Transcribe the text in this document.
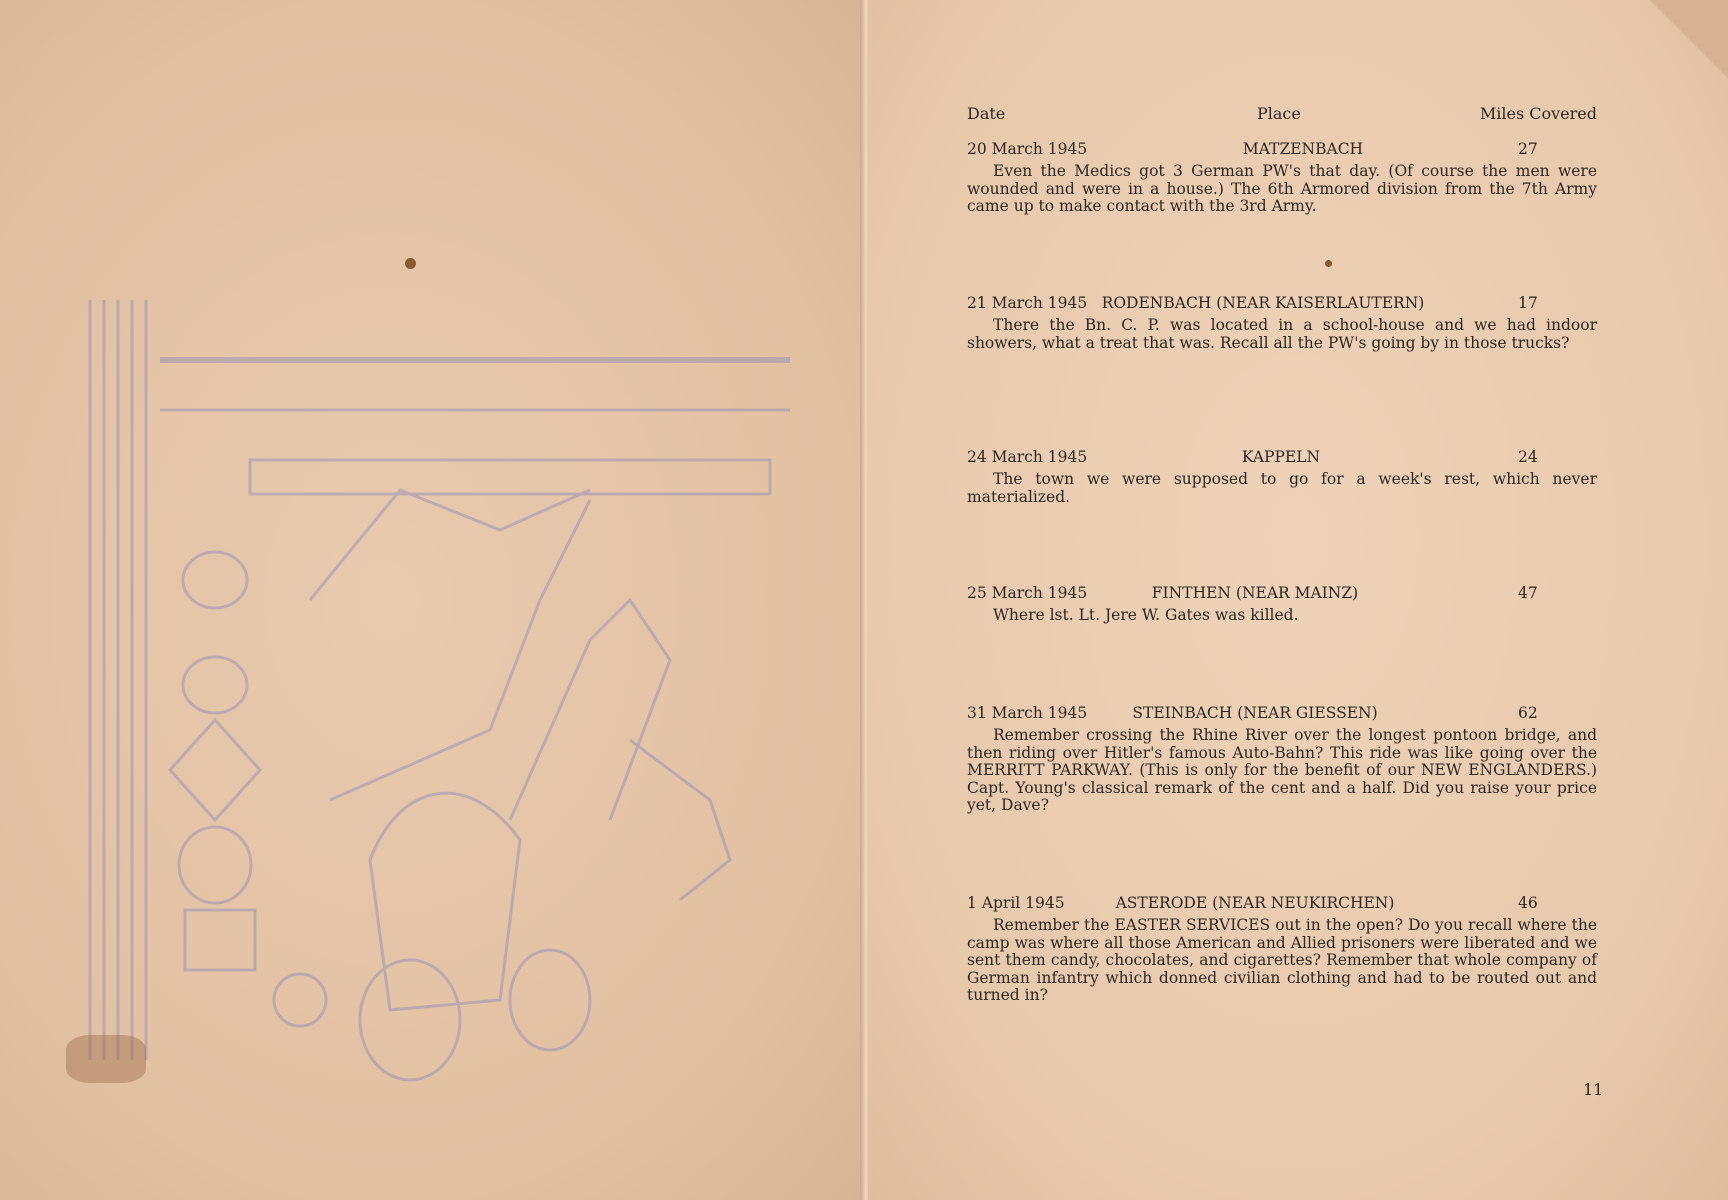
Date	Place	Miles Covered
20 March 1945	MATZENBACH	27
Even the Medics got 3 German PW's that day. (Of course the men were wounded and were in a house.) The 6th Armored division from the 7th Army came up to make contact with the 3rd Army.
21 March 1945 RODENBACH (NEAR KAISERLAUTERN)	17
There the Bn. C. P. was located in a school-house and we had indoor showers, what a treat that was. Recall all the PW's going by in those trucks?
24 March 1945	KAPPELN	24
The town we were supposed to go for a week's rest, which never materialized.
25 March 1945	FINTHEN (NEAR MAINZ)	47
Where lst. Lt. Jere W. Gates was killed.
31 March 1945	STEINBACH (NEAR GIESSEN)	62
Remember crossing the Rhine River over the longest pontoon bridge, and then riding over Hitler's famous Auto-Bahn? This ride was like going over the MERRITT PARKWAY. (This is only for the benefit of our NEW ENGLANDERS.) Capt. Young's classical remark of the cent and a half. Did you raise your price yet, Dave?
1 April 1945	ASTERODE (NEAR NEUKIRCHEN)	46
Remember the EASTER SERVICES out in the open? Do you recall where the camp was where all those American and Allied prisoners were liberated and we sent them candy, chocolates, and cigarettes? Remember that whole company of German infantry which donned civilian clothing and had to be routed out and turned in?
11
